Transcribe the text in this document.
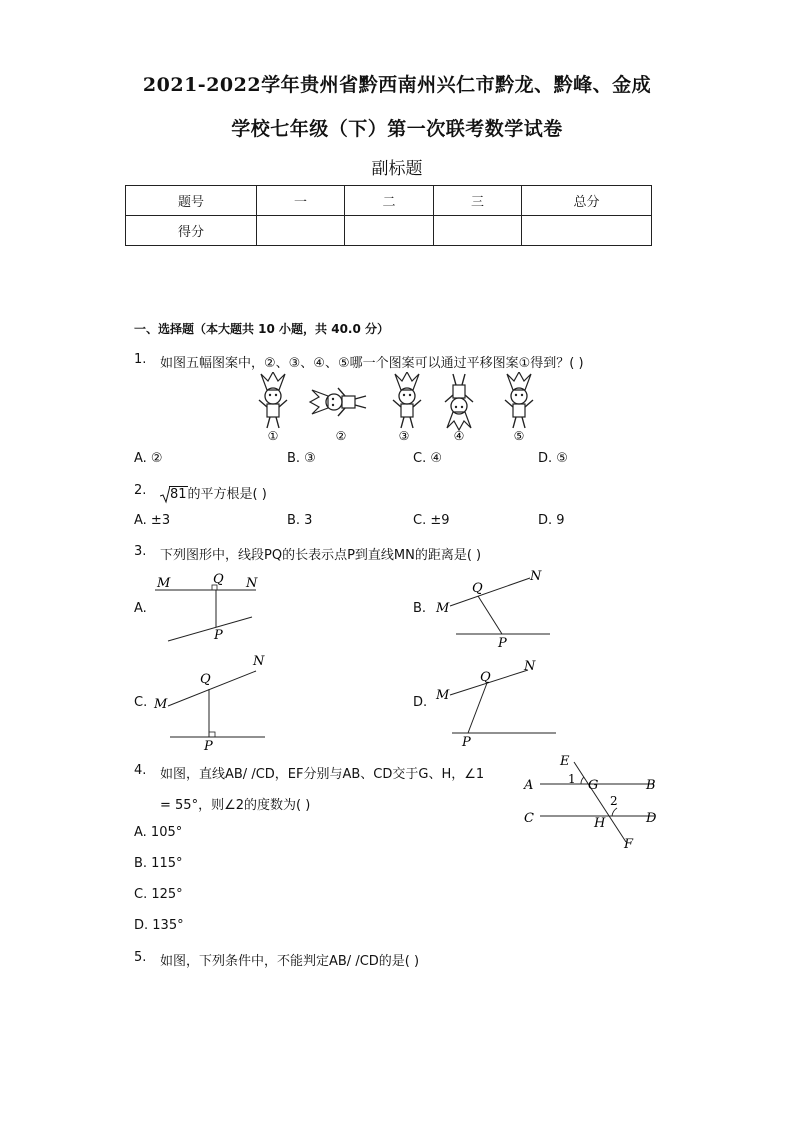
2021-2022学年贵州省黔西南州兴仁市黔龙、黔峰、金成
学校七年级（下）第一次联考数学试卷
副标题
题号	一	二	三	总分
得分				
一、选择题（本大题共 10 小题，共 40.0 分）
1. 如图五幅图案中，②、③、④、⑤哪一个图案可以通过平移图案①得到？( )
①	②	③	④	⑤
A. ②	B. ③	C. ④	D. ⑤
2.	81的平方根是( )
A. ±3	B. 3	C. ±9	D. 9
3. 下列图形中，线段PQ的长表示点P到直线MN的距离是( )
A.
M	Q N
P
B. M
Q
N
P
C. M
Q
N
P
D. M
Q
N
P
4. 如图，直线AB/ /CD，EF分别与AB、CD交于G、H，∠1
= 55°，则∠2的度数为( )
E
A	1 G	B
2
C	H	D
F
A. 105°
B. 115°
C. 125°
D. 135°
5. 如图，下列条件中，不能判定AB/ /CD的是( )
